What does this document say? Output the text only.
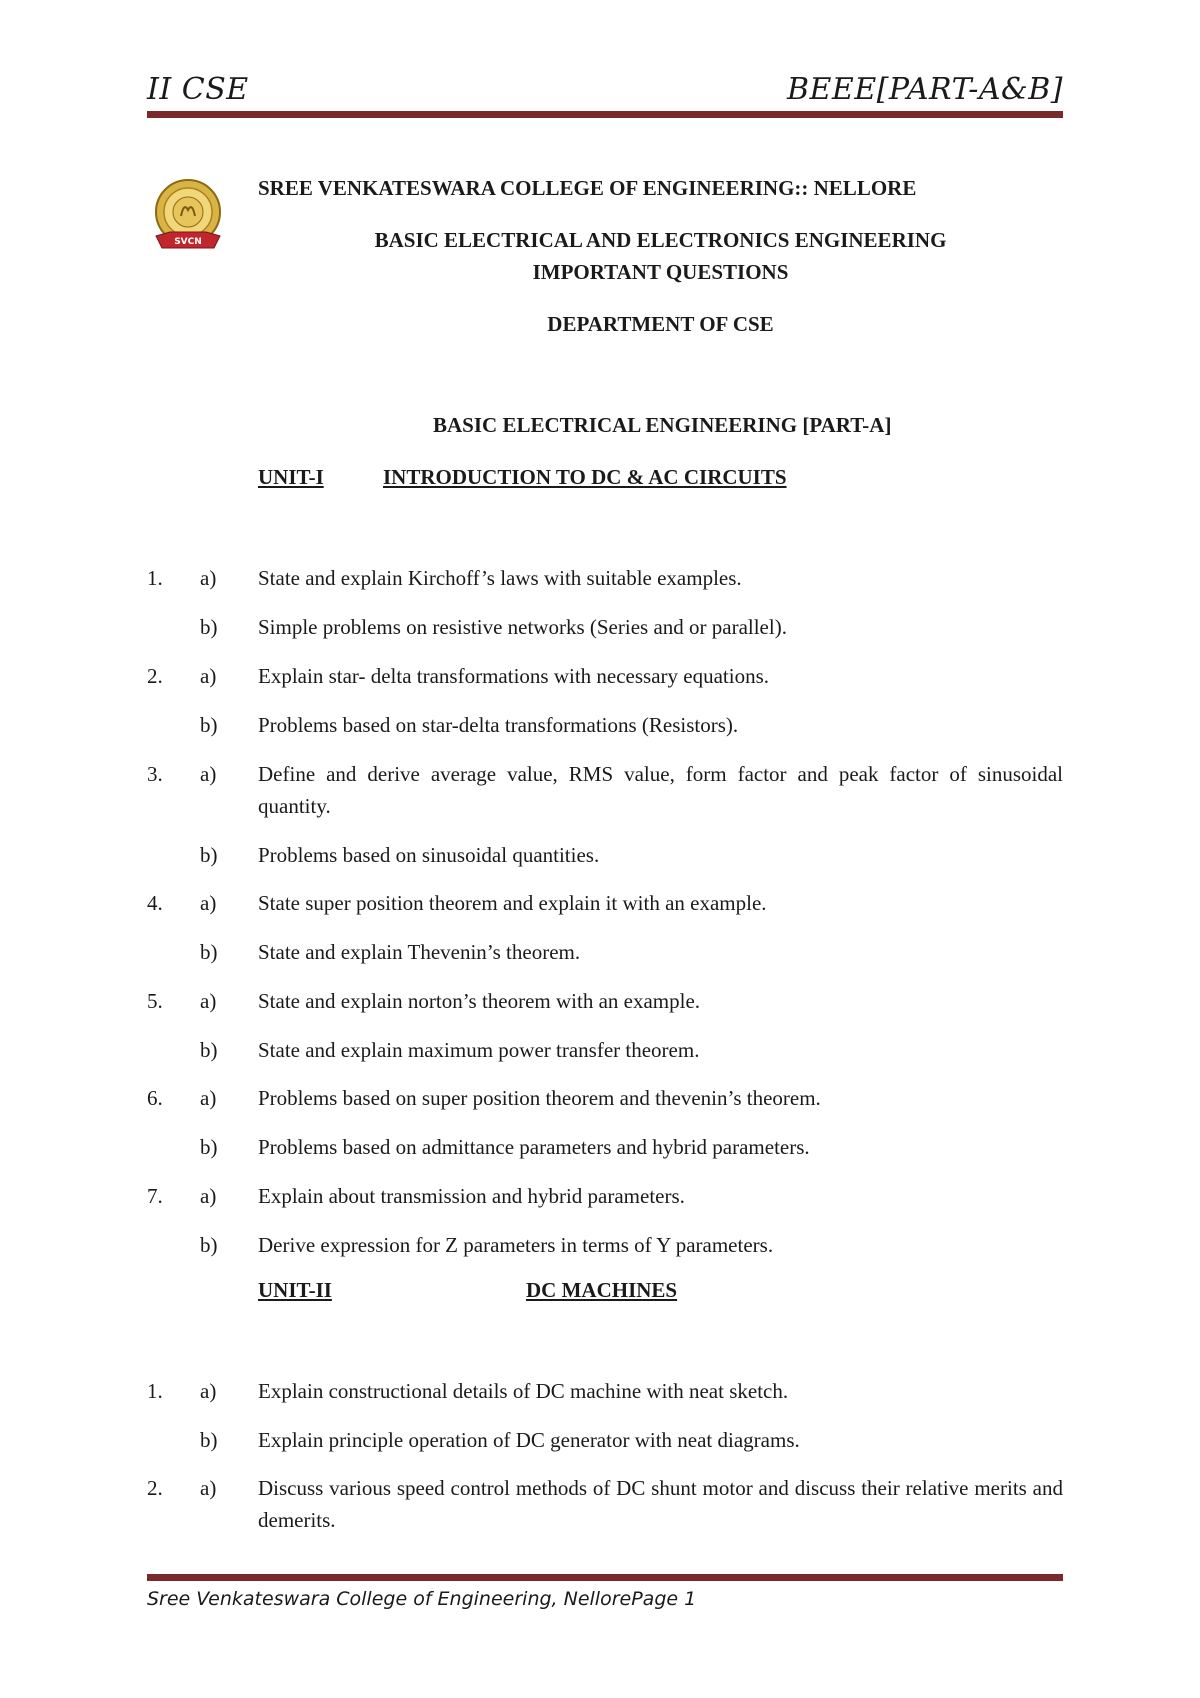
II CSE	BEEE[PART-A&B]
SVCN
SREE VENKATESWARA COLLEGE OF ENGINEERING:: NELLORE
BASIC ELECTRICAL AND ELECTRONICS ENGINEERING
IMPORTANT QUESTIONS
DEPARTMENT OF CSE
BASIC ELECTRICAL ENGINEERING [PART-A]
UNIT-I	INTRODUCTION TO DC & AC CIRCUITS
1. a) State and explain Kirchoff’s laws with suitable examples.
b) Simple problems on resistive networks (Series and or parallel).
2. a) Explain star- delta transformations with necessary equations.
b) Problems based on star-delta transformations (Resistors).
3. a) Define and derive average value, RMS value, form factor and peak factor of sinusoidal quantity.
b) Problems based on sinusoidal quantities.
4. a) State super position theorem and explain it with an example.
b) State and explain Thevenin’s theorem.
5. a) State and explain norton’s theorem with an example.
b) State and explain maximum power transfer theorem.
6. a) Problems based on super position theorem and thevenin’s theorem.
b) Problems based on admittance parameters and hybrid parameters.
7. a) Explain about transmission and hybrid parameters.
b) Derive expression for Z parameters in terms of Y parameters.
UNIT-II	DC MACHINES
1. a) Explain constructional details of DC machine with neat sketch.
b) Explain principle operation of DC generator with neat diagrams.
2. a) Discuss various speed control methods of DC shunt motor and discuss their relative merits and demerits.
Sree Venkateswara College of Engineering, NellorePage 1
